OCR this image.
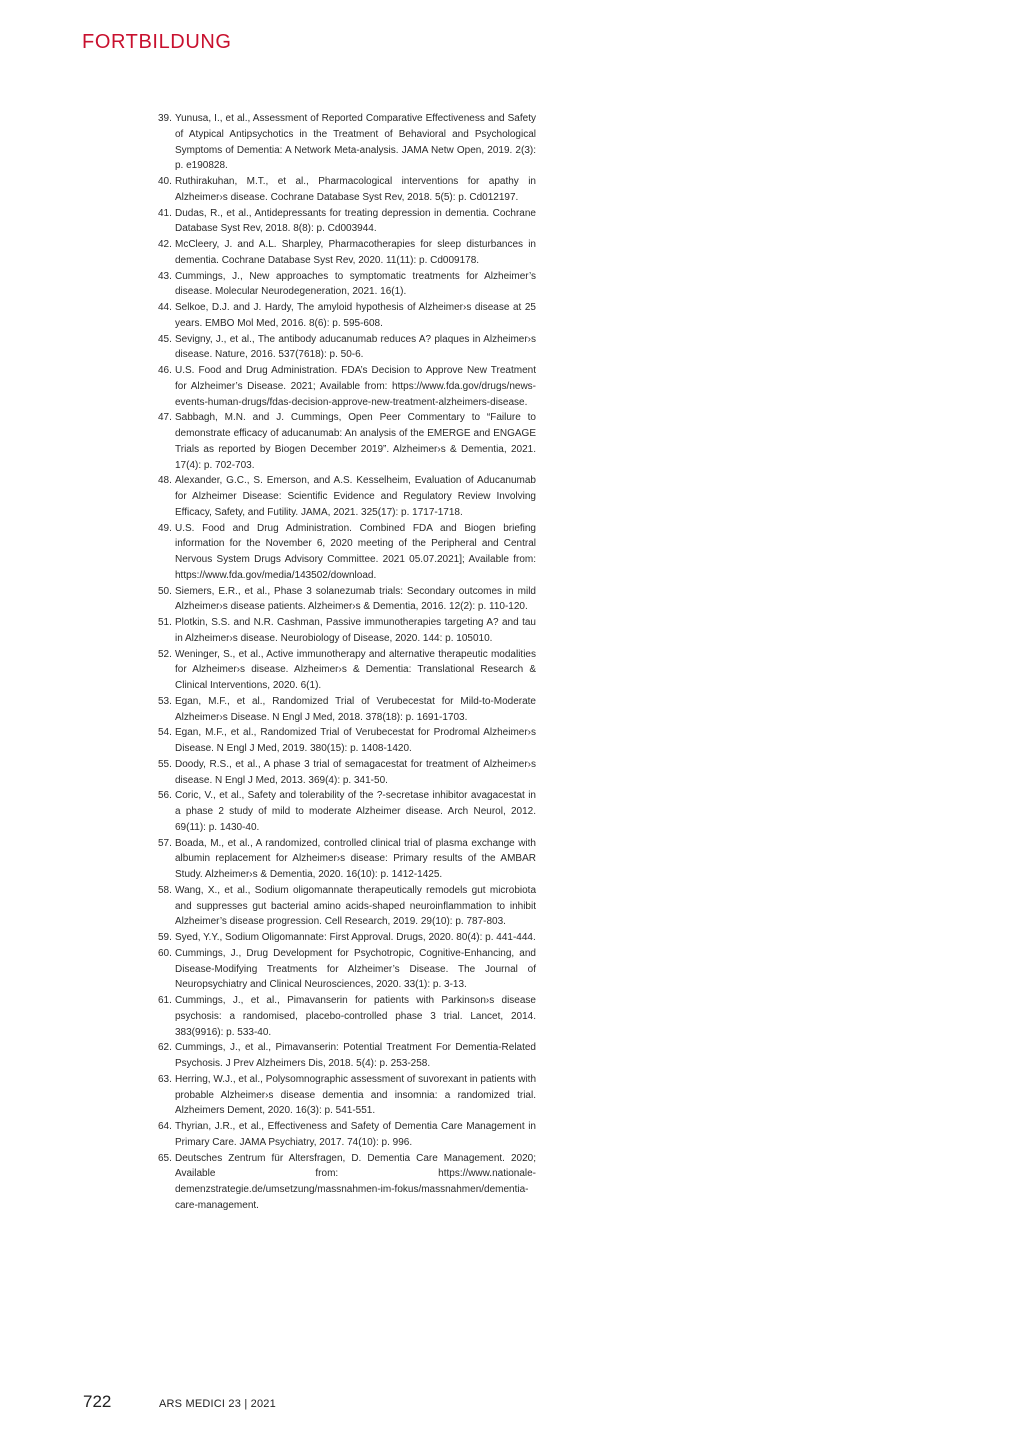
FORTBILDUNG
39. Yunusa, I., et al., Assessment of Reported Comparative Effectiveness and Safety of Atypical Antipsychotics in the Treatment of Behavioral and Psychological Symptoms of Dementia: A Network Meta-analysis. JAMA Netw Open, 2019. 2(3): p. e190828.
40. Ruthirakuhan, M.T., et al., Pharmacological interventions for apathy in Alzheimer›s disease. Cochrane Database Syst Rev, 2018. 5(5): p. Cd012197.
41. Dudas, R., et al., Antidepressants for treating depression in dementia. Cochrane Database Syst Rev, 2018. 8(8): p. Cd003944.
42. McCleery, J. and A.L. Sharpley, Pharmacotherapies for sleep disturbances in dementia. Cochrane Database Syst Rev, 2020. 11(11): p. Cd009178.
43. Cummings, J., New approaches to symptomatic treatments for Alzheimer’s disease. Molecular Neurodegeneration, 2021. 16(1).
44. Selkoe, D.J. and J. Hardy, The amyloid hypothesis of Alzheimer›s disease at 25 years. EMBO Mol Med, 2016. 8(6): p. 595-608.
45. Sevigny, J., et al., The antibody aducanumab reduces A? plaques in Alzheimer›s disease. Nature, 2016. 537(7618): p. 50-6.
46. U.S. Food and Drug Administration. FDA’s Decision to Approve New Treatment for Alzheimer’s Disease. 2021; Available from: https://www.fda.gov/drugs/news-events-human-drugs/fdas-decision-approve-new-treatment-alzheimers-disease.
47. Sabbagh, M.N. and J. Cummings, Open Peer Commentary to “Failure to demonstrate efficacy of aducanumab: An analysis of the EMERGE and ENGAGE Trials as reported by Biogen December 2019”. Alzheimer›s & Dementia, 2021. 17(4): p. 702-703.
48. Alexander, G.C., S. Emerson, and A.S. Kesselheim, Evaluation of Aducanumab for Alzheimer Disease: Scientific Evidence and Regulatory Review Involving Efficacy, Safety, and Futility. JAMA, 2021. 325(17): p. 1717-1718.
49. U.S. Food and Drug Administration. Combined FDA and Biogen briefing information for the November 6, 2020 meeting of the Peripheral and Central Nervous System Drugs Advisory Committee. 2021 05.07.2021]; Available from: https://www.fda.gov/media/143502/download.
50. Siemers, E.R., et al., Phase 3 solanezumab trials: Secondary outcomes in mild Alzheimer›s disease patients. Alzheimer›s & Dementia, 2016. 12(2): p. 110-120.
51. Plotkin, S.S. and N.R. Cashman, Passive immunotherapies targeting A? and tau in Alzheimer›s disease. Neurobiology of Disease, 2020. 144: p. 105010.
52. Weninger, S., et al., Active immunotherapy and alternative therapeutic modalities for Alzheimer›s disease. Alzheimer›s & Dementia: Translational Research & Clinical Interventions, 2020. 6(1).
53. Egan, M.F., et al., Randomized Trial of Verubecestat for Mild-to-Moderate Alzheimer›s Disease. N Engl J Med, 2018. 378(18): p. 1691-1703.
54. Egan, M.F., et al., Randomized Trial of Verubecestat for Prodromal Alzheimer›s Disease. N Engl J Med, 2019. 380(15): p. 1408-1420.
55. Doody, R.S., et al., A phase 3 trial of semagacestat for treatment of Alzheimer›s disease. N Engl J Med, 2013. 369(4): p. 341-50.
56. Coric, V., et al., Safety and tolerability of the ?-secretase inhibitor avagacestat in a phase 2 study of mild to moderate Alzheimer disease. Arch Neurol, 2012. 69(11): p. 1430-40.
57. Boada, M., et al., A randomized, controlled clinical trial of plasma exchange with albumin replacement for Alzheimer›s disease: Primary results of the AMBAR Study. Alzheimer›s & Dementia, 2020. 16(10): p. 1412-1425.
58. Wang, X., et al., Sodium oligomannate therapeutically remodels gut microbiota and suppresses gut bacterial amino acids-shaped neuroinflammation to inhibit Alzheimer’s disease progression. Cell Research, 2019. 29(10): p. 787-803.
59. Syed, Y.Y., Sodium Oligomannate: First Approval. Drugs, 2020. 80(4): p. 441-444.
60. Cummings, J., Drug Development for Psychotropic, Cognitive-Enhancing, and Disease-Modifying Treatments for Alzheimer’s Disease. The Journal of Neuropsychiatry and Clinical Neurosciences, 2020. 33(1): p. 3-13.
61. Cummings, J., et al., Pimavanserin for patients with Parkinson›s disease psychosis: a randomised, placebo-controlled phase 3 trial. Lancet, 2014. 383(9916): p. 533-40.
62. Cummings, J., et al., Pimavanserin: Potential Treatment For Dementia-Related Psychosis. J Prev Alzheimers Dis, 2018. 5(4): p. 253-258.
63. Herring, W.J., et al., Polysomnographic assessment of suvorexant in patients with probable Alzheimer›s disease dementia and insomnia: a randomized trial. Alzheimers Dement, 2020. 16(3): p. 541-551.
64. Thyrian, J.R., et al., Effectiveness and Safety of Dementia Care Management in Primary Care. JAMA Psychiatry, 2017. 74(10): p. 996.
65. Deutsches Zentrum für Altersfragen, D. Dementia Care Management. 2020; Available from: https://www.nationale-demenzstrategie.de/umsetzung/massnahmen-im-fokus/massnahmen/dementia-care-management.
722	ARS MEDICI 23 | 2021
